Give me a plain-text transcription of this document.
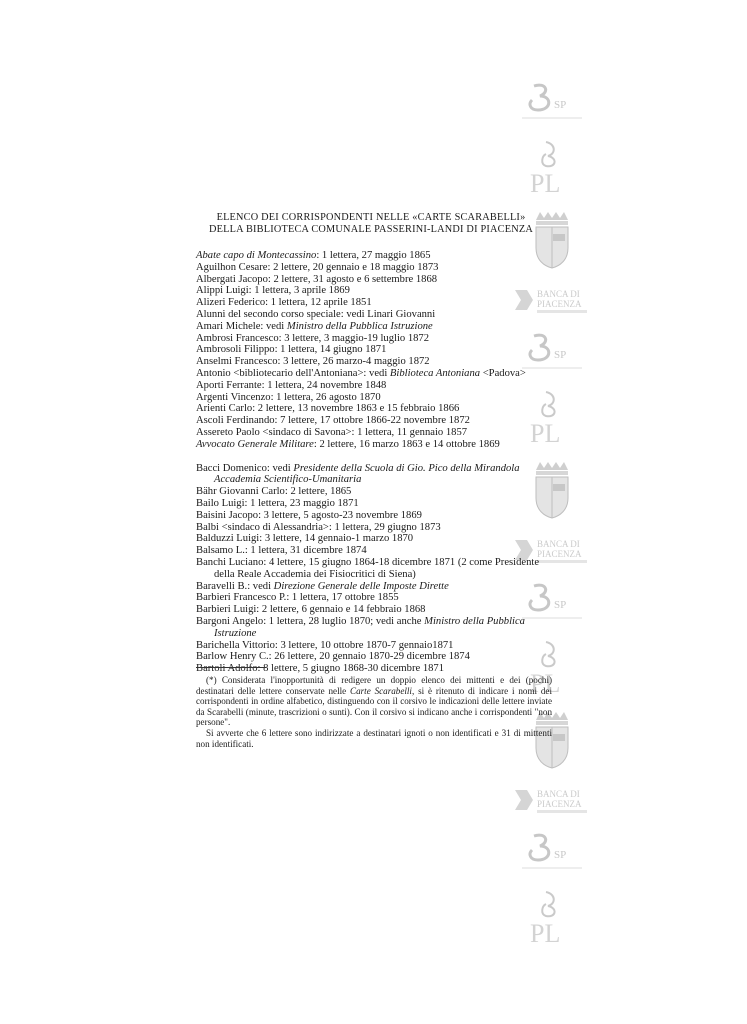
SP
PL
BANCA DI
PIACENZA
SP
PL
BANCA DI
PIACENZA
SP
PL
BANCA DI
PIACENZA
SP
PL
ELENCO DEI CORRISPONDENTI NELLE «CARTE SCARABELLI»
DELLA BIBLIOTECA COMUNALE PASSERINI-LANDI DI PIACENZA
Abate capo di Montecassino: 1 lettera, 27 maggio 1865
Aguilhon Cesare: 2 lettere, 20 gennaio e 18 maggio 1873
Albergati Jacopo: 2 lettere, 31 agosto e 6 settembre 1868
Alippi Luigi: 1 lettera, 3 aprile 1869
Alizeri Federico: 1 lettera, 12 aprile 1851
Alunni del secondo corso speciale: vedi Linari Giovanni
Amari Michele: vedi Ministro della Pubblica Istruzione
Ambrosi Francesco: 3 lettere, 3 maggio-19 luglio 1872
Ambrosoli Filippo: 1 lettera, 14 giugno 1871
Anselmi Francesco: 3 lettere, 26 marzo-4 maggio 1872
Antonio <bibliotecario dell'Antoniana>: vedi Biblioteca Antoniana <Padova>
Aporti Ferrante: 1 lettera, 24 novembre 1848
Argenti Vincenzo: 1 lettera, 26 agosto 1870
Arienti Carlo: 2 lettere, 13 novembre 1863 e 15 febbraio 1866
Ascoli Ferdinando: 7 lettere, 17 ottobre 1866-22 novembre 1872
Assereto Paolo <sindaco di Savona>: 1 lettera, 11 gennaio 1857
Avvocato Generale Militare: 2 lettere, 16 marzo 1863 e 14 ottobre 1869
Bacci Domenico: vedi Presidente della Scuola di Gio. Pico della Mirandola Accademia Scientifico-Umanitaria
Bähr Giovanni Carlo: 2 lettere, 1865
Bailo Luigi: 1 lettera, 23 maggio 1871
Baisini Jacopo: 3 lettere, 5 agosto-23 novembre 1869
Balbi <sindaco di Alessandria>: 1 lettera, 29 giugno 1873
Balduzzi Luigi: 3 lettere, 14 gennaio-1 marzo 1870
Balsamo L.: 1 lettera, 31 dicembre 1874
Banchi Luciano: 4 lettere, 15 giugno 1864-18 dicembre 1871 (2 come Presidente della Reale Accademia dei Fisiocritici di Siena)
Baravelli B.: vedi Direzione Generale delle Imposte Dirette
Barbieri Francesco P.: 1 lettera, 17 ottobre 1855
Barbieri Luigi: 2 lettere, 6 gennaio e 14 febbraio 1868
Bargoni Angelo: 1 lettera, 28 luglio 1870; vedi anche Ministro della Pubblica Istruzione
Barichella Vittorio: 3 lettere, 10 ottobre 1870-7 gennaio1871
Barlow Henry C.: 26 lettere, 20 gennaio 1870-29 dicembre 1874
Bartoli Adolfo: 8 lettere, 5 giugno 1868-30 dicembre 1871

(*) Considerata l'inopportunità di redigere un doppio elenco dei mittenti e dei (pochi) destinatari delle lettere conservate nelle Carte Scarabelli, si è ritenuto di indicare i nomi dei corrispondenti in ordine alfabetico, distinguendo con il corsivo le indicazioni delle lettere inviate da Scarabelli (minute, trascrizioni o sunti). Con il corsivo si indicano anche i corrispondenti "non persone".

Si avverte che 6 lettere sono indirizzate a destinatari ignoti o non identificati e 31 di mittenti non identificati.
